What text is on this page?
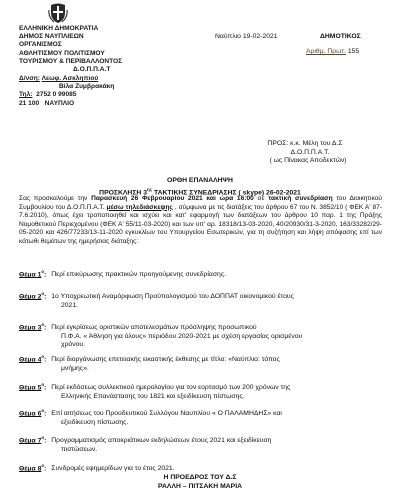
ΕΛΛΗΝΙΚΗ ΔΗΜΟΚΡΑΤΙΑ
ΔΗΜΟΣ ΝΑΥΠΛΙΕΩΝ
ΟΡΓΑΝΙΣΜΟΣ
ΑΘΛΗΤΙΣΜΟΥ ΠΟΛΙΤΙΣΜΟΥ
ΤΟΥΡΙΣΜΟΥ & ΠΕΡΙΒΑΛΛΟΝΤΟΣ
Δ.Ο.Π.Π.Α.Τ
Δ/νση: Λεωφ. Ασκληπιού
Βίλα Ζυμβρακάκη
Τηλ: 2752 0 99085
21 100 ΝΑΥΠΛΙΟ
Ναύπλιο 19-02-2021	ΔΗΜΟΤΙΚΟΣ
Αριθμ. Πρωτ. 155
ΠΡΟΣ: κ.κ. Μέλη του Δ.Σ
Δ.Ο.Π.Π.Α.Τ.
( ως Πίνακας Αποδεκτών)
ΟΡΘΗ ΕΠΑΝΑΛΗΨΗ
ΠΡΟΣΚΛΗΣΗ $3^{\eta\varsigma}$ ΤΑΚΤΙΚΗΣ ΣΥΝΕΔΡΙΑΣΗΣ ( skype) 26-02-2021
Σας προσκαλούμε την Παρασκευή 26 Φεβρουαρίου 2021 και ώρα 16:00 σε τακτική συνεδρίαση του Διοικητικού Συμβουλίου του Δ.Ο.Π.Π.Α.Τ. μέσω τηλεδιάσκεψης , σύμφωνα με τις διατάξεις του άρθρου 67 του Ν. 3852/10 ( ΦΕΚ Α' 87-7.6.2010), όπως έχει τροποποιηθεί και ισχύει και κατ' εφαρμογή των διατάξεων του άρθρου 10 παρ. 1 της Πράξης Νομοθετικού Περιεχομένου (ΦΕΚ Α' 55/11-03-2020) και των υπ' αρ. 18318/13-03-2020, 40/20930/31-3-2020, 163/33282/29-05-2020 και 426/77233/13-11-2020 εγκυκλίων του Υπουργείου Εσωτερικών, για τη συζήτηση και λήψη απόφασης επί των κάτωθι θεμάτων της ημερήσιας διάταξης:
Θέμα $1^o$: Περί επικύρωσης πρακτικών προηγούμενης συνεδρίασης.
Θέμα $2^o$: 1ο Υποχρεωτική Αναμόρφωση Προϋπολογισμού του ΔΟΠΠΑΤ οικονομικού έτους
2021.
Θέμα $3^o$: Περί εγκρίσεως οριστικών αποτελεσμάτων πρόσληψης προσωπικού
Π.Φ.Α. « Άθληση για όλους» περιόδου 2020-2021 με σχέση εργασίας ορισμένου
χρόνου.
Θέμα $4^o$: Περί διοργάνωσης επετειακής εικαστικής έκθεσης με τίτλο: «Ναύπλιο: τόπος
μνήμης».
Θέμα $5^o$: Περί εκδόσεως συλλεκτικού ημερολογίου για τον εορτασμό των 200 χρόνων της
Ελληνικής Επανάστασης του 1821 και εξειδίκευση πίστωσης.
Θέμα $6^o$: Επί αιτήσεως του Προοδευτικού Συλλόγου Ναυπλίου « Ο ΠΑΛΑΜΗΔΗΣ» και
εξειδίκευση πίστωσης.
Θέμα $7^o$: Προγραμματισμός αποκριάτικων εκδηλώσεων έτους 2021 και εξειδίκευση
πιστώσεων.
Θέμα $8^o$: Συνδρομές εφημερίδων για το έτος 2021.
Η ΠΡΟΕΔΡΟΣ ΤΟΥ Δ.Σ
ΡΑΛΛΗ – ΠΙΤΣΑΚΗ ΜΑΡΙΑ
